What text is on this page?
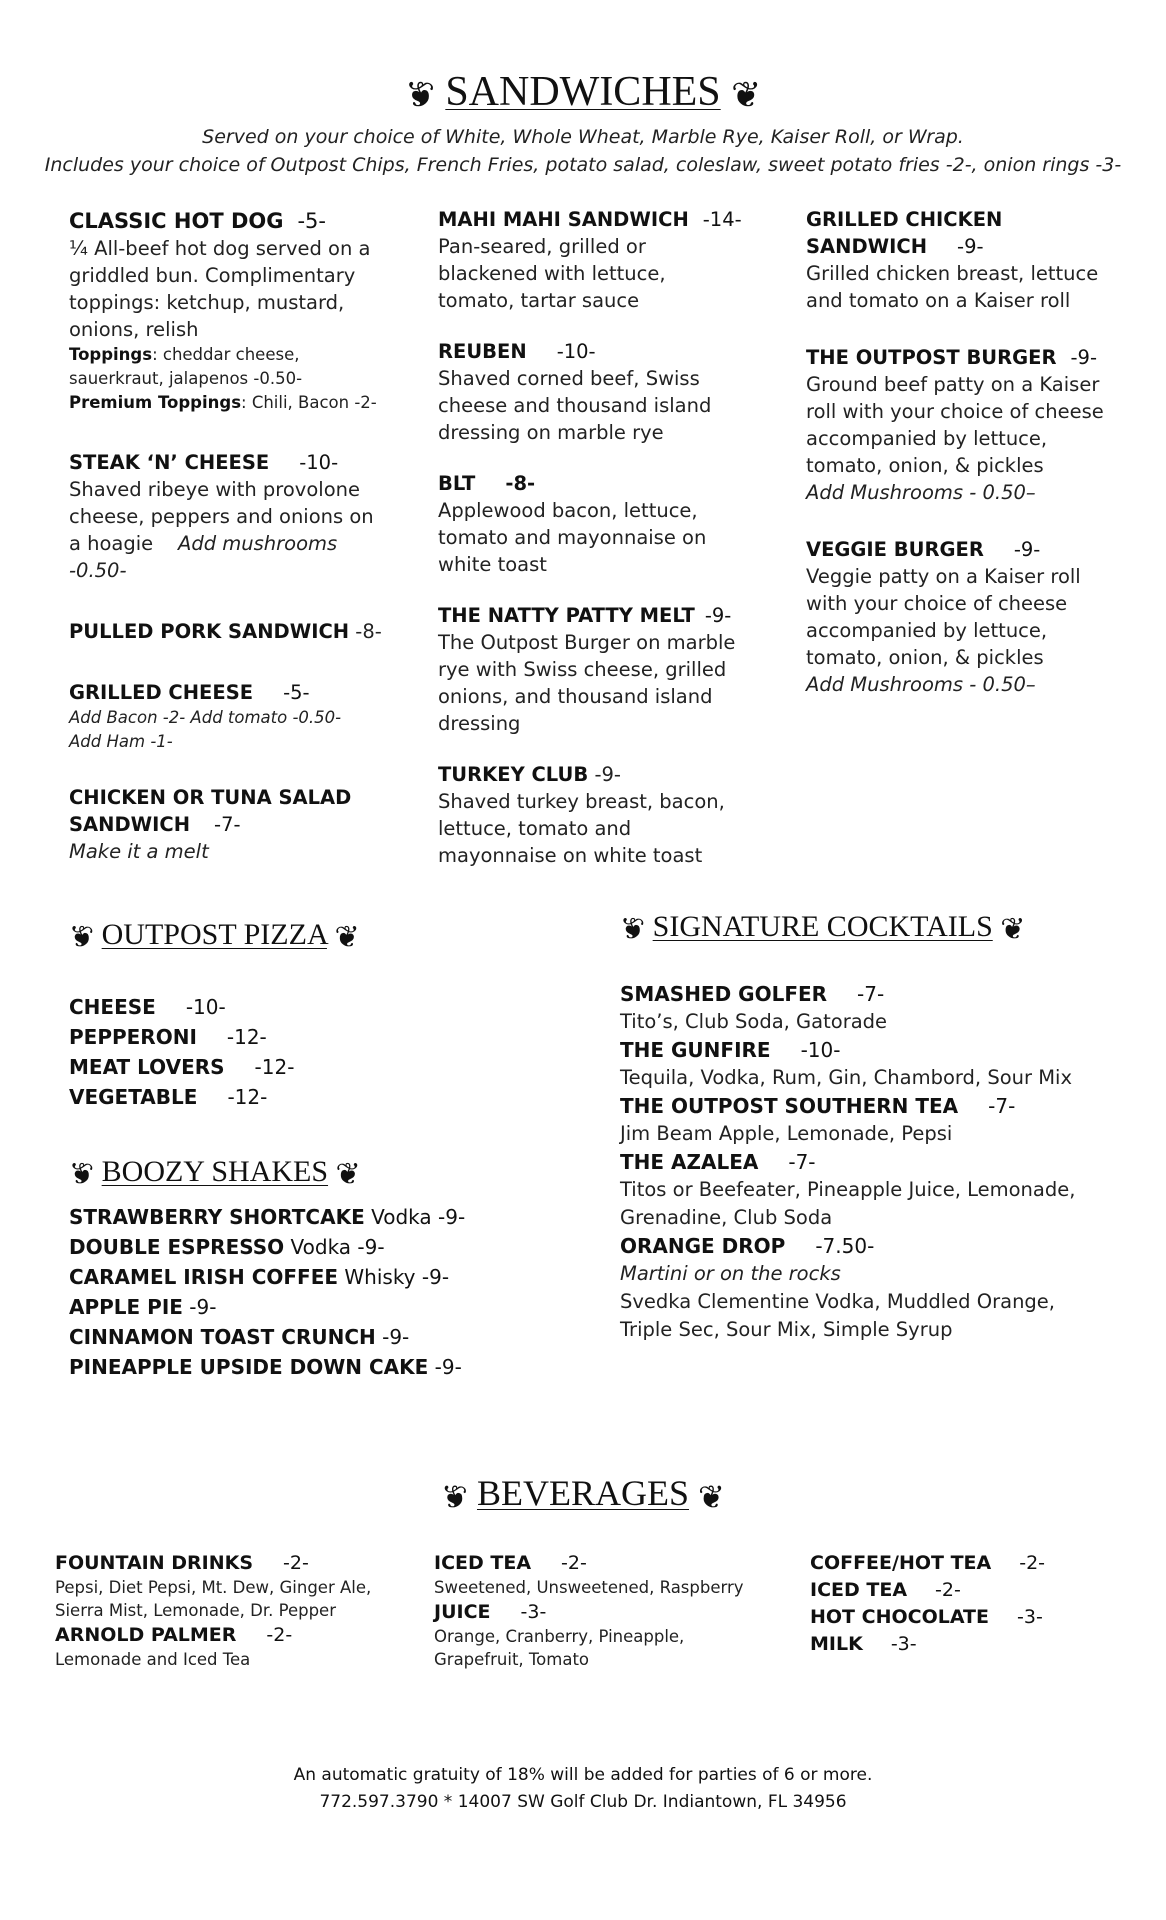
❦ SANDWICHES ❦
Served on your choice of White, Whole Wheat, Marble Rye, Kaiser Roll, or Wrap.
Includes your choice of Outpost Chips, French Fries, potato salad, coleslaw, sweet potato fries -2-, onion rings -3-
CLASSIC HOT DOG -5-
¼ All-beef hot dog served on a griddled bun. Complimentary toppings: ketchup, mustard, onions, relish
Toppings: cheddar cheese, sauerkraut, jalapenos -0.50-
Premium Toppings: Chili, Bacon -2-
STEAK ‘N’ CHEESE -10-
Shaved ribeye with provolone cheese, peppers and onions on a hoagie Add mushrooms -0.50-
PULLED PORK SANDWICH -8-
GRILLED CHEESE -5-
Add Bacon -2- Add tomato -0.50-
Add Ham -1-
CHICKEN OR TUNA SALAD
SANDWICH -7-
Make it a melt
MAHI MAHI SANDWICH -14-
Pan-seared, grilled or blackened with lettuce, tomato, tartar sauce
REUBEN -10-
Shaved corned beef, Swiss cheese and thousand island dressing on marble rye
BLT -8-
Applewood bacon, lettuce, tomato and mayonnaise on white toast
THE NATTY PATTY MELT -9-
The Outpost Burger on marble rye with Swiss cheese, grilled onions, and thousand island dressing
TURKEY CLUB -9-
Shaved turkey breast, bacon, lettuce, tomato and mayonnaise on white toast
GRILLED CHICKEN
SANDWICH -9-
Grilled chicken breast, lettuce and tomato on a Kaiser roll
THE OUTPOST BURGER -9-
Ground beef patty on a Kaiser roll with your choice of cheese accompanied by lettuce, tomato, onion, & pickles
Add Mushrooms - 0.50–
VEGGIE BURGER -9-
Veggie patty on a Kaiser roll with your choice of cheese accompanied by lettuce, tomato, onion, & pickles
Add Mushrooms - 0.50–
❦ OUTPOST PIZZA ❦
CHEESE -10-
PEPPERONI -12-
MEAT LOVERS -12-
VEGETABLE -12-
❦ BOOZY SHAKES ❦
STRAWBERRY SHORTCAKE Vodka -9-
DOUBLE ESPRESSO Vodka -9-
CARAMEL IRISH COFFEE Whisky -9-
APPLE PIE -9-
CINNAMON TOAST CRUNCH -9-
PINEAPPLE UPSIDE DOWN CAKE -9-
❦ SIGNATURE COCKTAILS ❦
SMASHED GOLFER -7-
Tito’s, Club Soda, Gatorade
THE GUNFIRE -10-
Tequila, Vodka, Rum, Gin, Chambord, Sour Mix
THE OUTPOST SOUTHERN TEA -7-
Jim Beam Apple, Lemonade, Pepsi
THE AZALEA -7-
Titos or Beefeater, Pineapple Juice, Lemonade, Grenadine, Club Soda
ORANGE DROP -7.50-
Martini or on the rocks
Svedka Clementine Vodka, Muddled Orange, Triple Sec, Sour Mix, Simple Syrup
❦ BEVERAGES ❦
FOUNTAIN DRINKS -2-
Pepsi, Diet Pepsi, Mt. Dew, Ginger Ale, Sierra Mist, Lemonade, Dr. Pepper
ARNOLD PALMER -2-
Lemonade and Iced Tea
ICED TEA -2-
Sweetened, Unsweetened, Raspberry
JUICE -3-
Orange, Cranberry, Pineapple, Grapefruit, Tomato
COFFEE/HOT TEA -2-
ICED TEA -2-
HOT CHOCOLATE -3-
MILK -3-
An automatic gratuity of 18% will be added for parties of 6 or more.
772.597.3790 * 14007 SW Golf Club Dr. Indiantown, FL 34956
